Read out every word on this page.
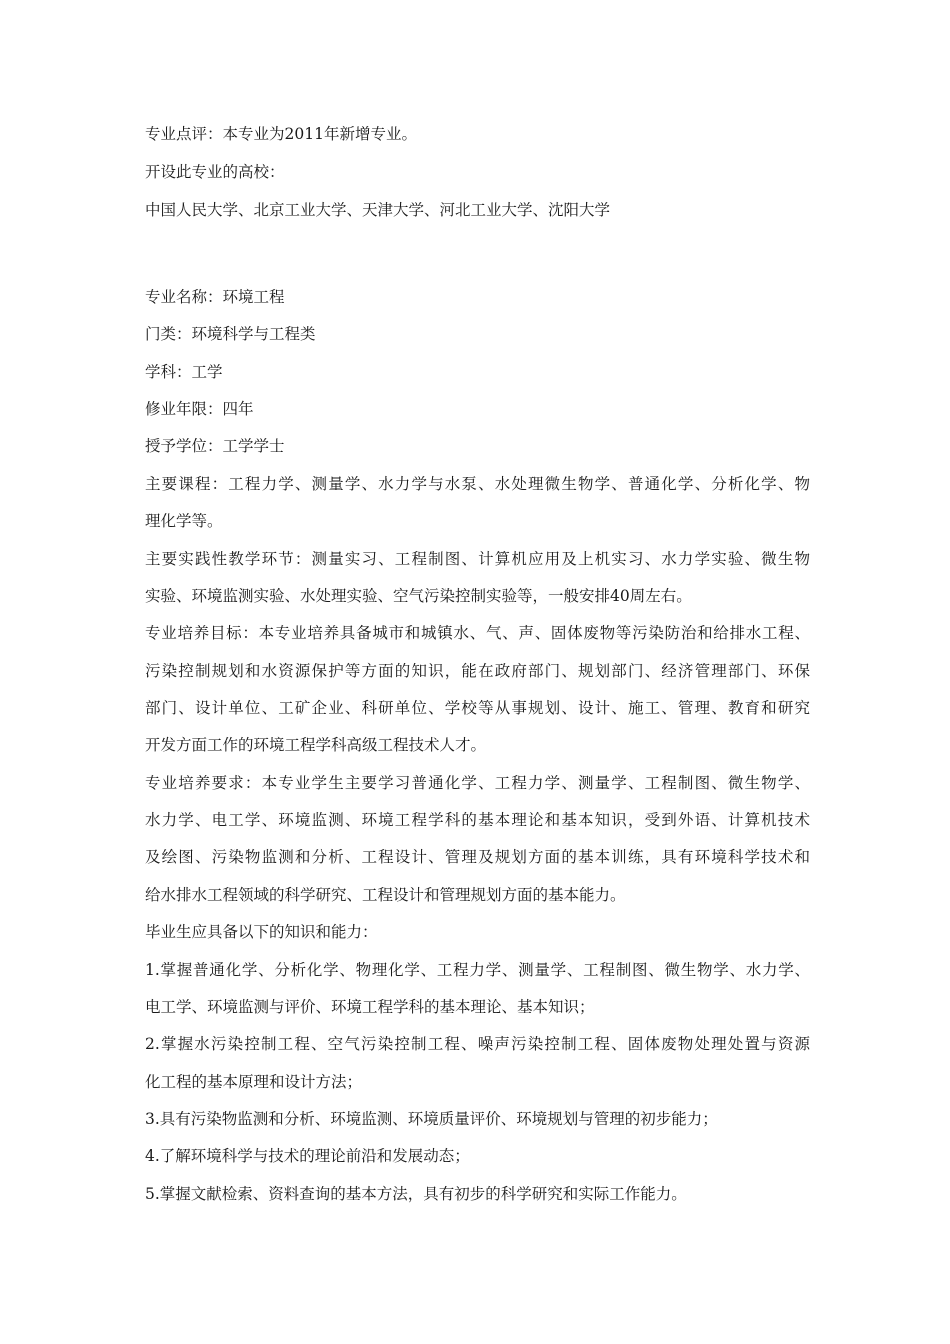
专业点评：本专业为2011年新增专业。
开设此专业的高校：
中国人民大学、北京工业大学、天津大学、河北工业大学、沈阳大学
专业名称：环境工程
门类：环境科学与工程类
学科：工学
修业年限：四年
授予学位：工学学士
主要课程：工程力学、测量学、水力学与水泵、水处理微生物学、普通化学、分析化学、物
理化学等。
主要实践性教学环节：测量实习、工程制图、计算机应用及上机实习、水力学实验、微生物
实验、环境监测实验、水处理实验、空气污染控制实验等，一般安排40周左右。
专业培养目标：本专业培养具备城市和城镇水、气、声、固体废物等污染防治和给排水工程、
污染控制规划和水资源保护等方面的知识，能在政府部门、规划部门、经济管理部门、环保
部门、设计单位、工矿企业、科研单位、学校等从事规划、设计、施工、管理、教育和研究
开发方面工作的环境工程学科高级工程技术人才。
专业培养要求：本专业学生主要学习普通化学、工程力学、测量学、工程制图、微生物学、
水力学、电工学、环境监测、环境工程学科的基本理论和基本知识，受到外语、计算机技术
及绘图、污染物监测和分析、工程设计、管理及规划方面的基本训练，具有环境科学技术和
给水排水工程领域的科学研究、工程设计和管理规划方面的基本能力。
毕业生应具备以下的知识和能力：
1.掌握普通化学、分析化学、物理化学、工程力学、测量学、工程制图、微生物学、水力学、
电工学、环境监测与评价、环境工程学科的基本理论、基本知识；
2.掌握水污染控制工程、空气污染控制工程、噪声污染控制工程、固体废物处理处置与资源
化工程的基本原理和设计方法；
3.具有污染物监测和分析、环境监测、环境质量评价、环境规划与管理的初步能力；
4.了解环境科学与技术的理论前沿和发展动态；
5.掌握文献检索、资料查询的基本方法，具有初步的科学研究和实际工作能力。
